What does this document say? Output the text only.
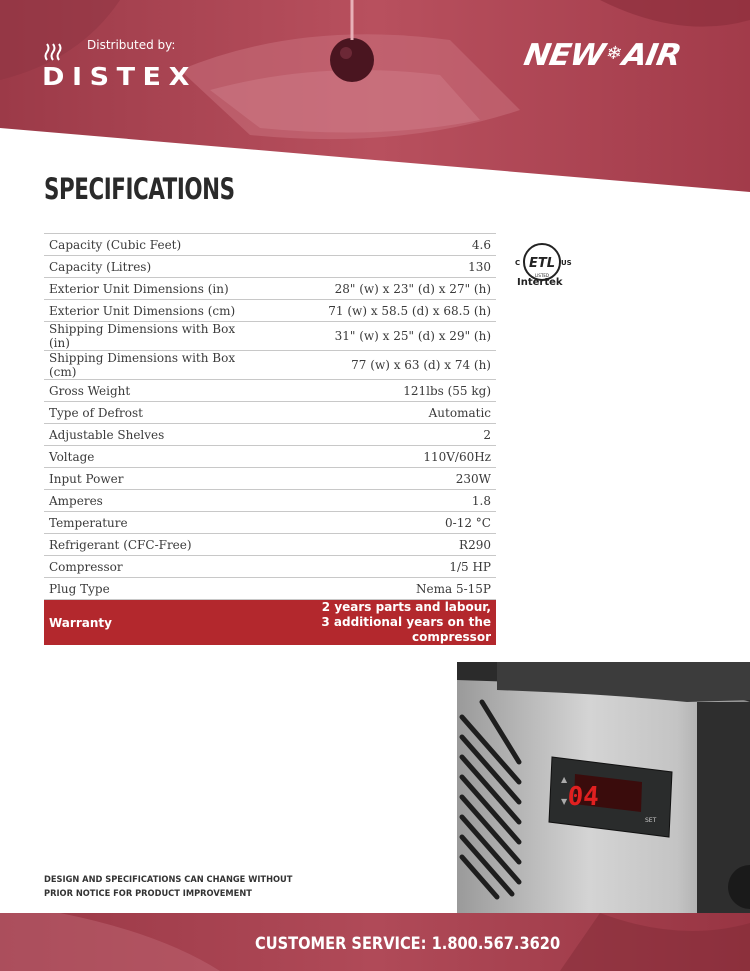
Distributed by:
DISTEX
NEW❄AIR
SPECIFICATIONS
Capacity (Cubic Feet)	4.6
Capacity (Litres)	130
Exterior Unit Dimensions (in)	28" (w) x 23" (d) x 27" (h)
Exterior Unit Dimensions (cm)	71 (w) x 58.5 (d) x 68.5 (h)
Shipping Dimensions with Box (in)	31" (w) x 25" (d) x 29" (h)
Shipping Dimensions with Box (cm)	77 (w) x 63 (d) x 74 (h)
Gross Weight	121lbs (55 kg)
Type of Defrost	Automatic
Adjustable Shelves	2
Voltage	110V/60Hz
Input Power	230W
Amperes	1.8
Temperature	0-12 °C
Refrigerant (CFC-Free)	R290
Compressor	1/5 HP
Plug Type	Nema 5-15P
Warranty	2 years parts and labour,
3 additional years on the compressor
ETL
LISTED
C	US
Intertek
04
▲
▼
SET
DESIGN AND SPECIFICATIONS CAN CHANGE WITHOUT PRIOR NOTICE FOR PRODUCT IMPROVEMENT
CUSTOMER SERVICE: 1.800.567.3620
